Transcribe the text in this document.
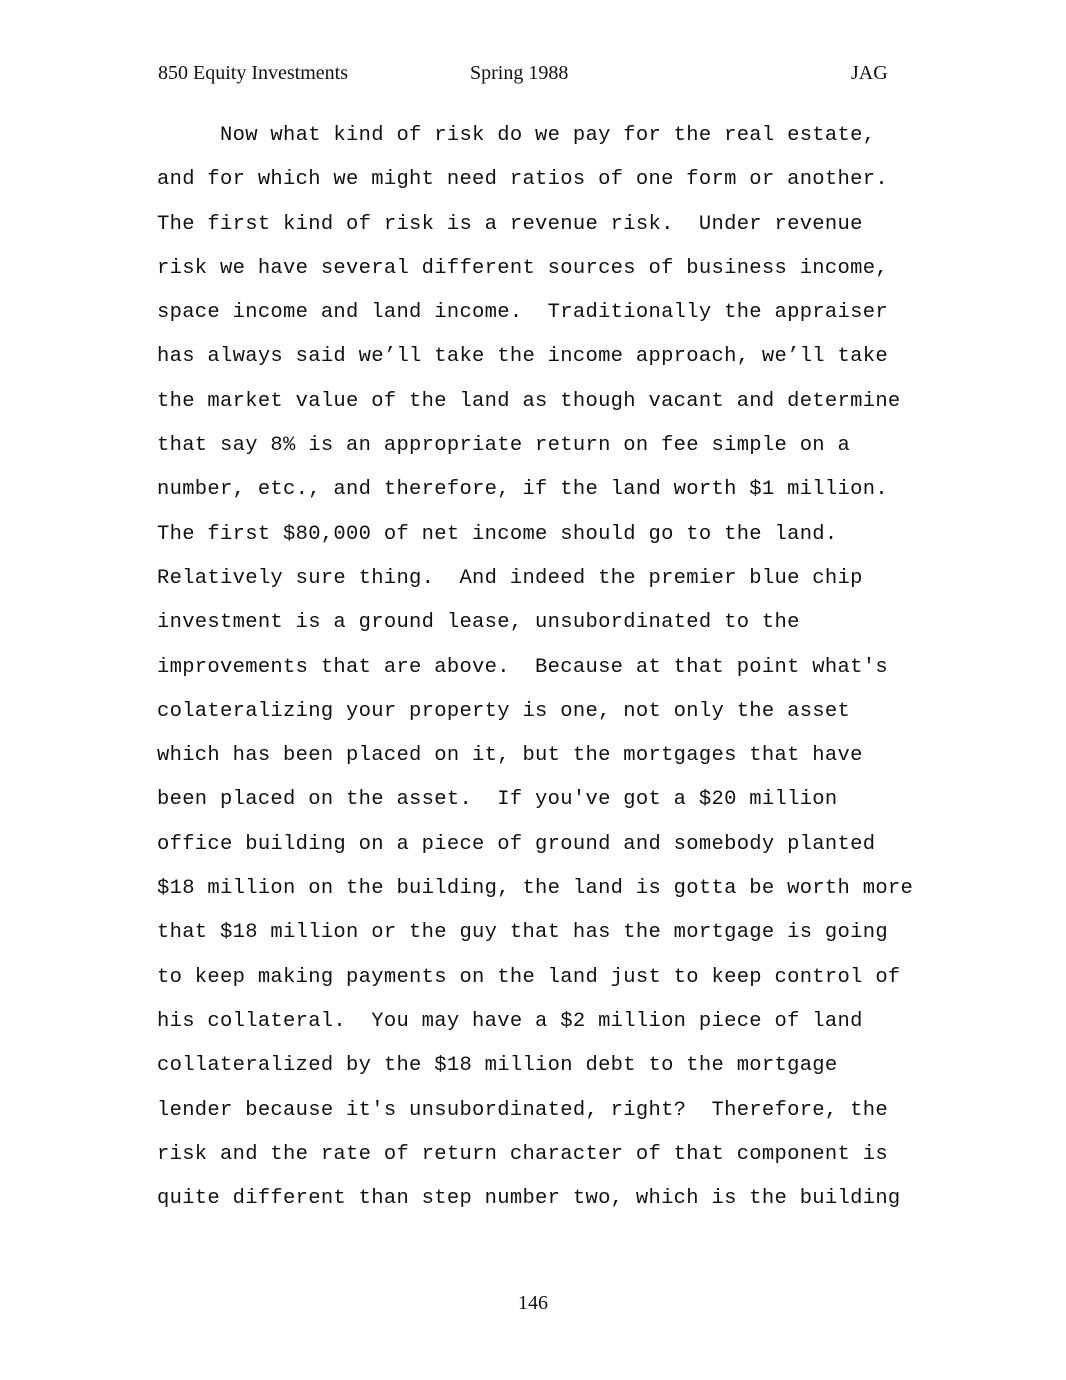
850 Equity Investments	Spring 1988	JAG
Now what kind of risk do we pay for the real estate,
and for which we might need ratios of one form or another.
The first kind of risk is a revenue risk.  Under revenue
risk we have several different sources of business income,
space income and land income.  Traditionally the appraiser
has always said we’ll take the income approach, we’ll take
the market value of the land as though vacant and determine
that say 8% is an appropriate return on fee simple on a
number, etc., and therefore, if the land worth $1 million.
The first $80,000 of net income should go to the land.
Relatively sure thing.  And indeed the premier blue chip
investment is a ground lease, unsubordinated to the
improvements that are above.  Because at that point what's
colateralizing your property is one, not only the asset
which has been placed on it, but the mortgages that have
been placed on the asset.  If you've got a $20 million
office building on a piece of ground and somebody planted
$18 million on the building, the land is gotta be worth more
that $18 million or the guy that has the mortgage is going
to keep making payments on the land just to keep control of
his collateral.  You may have a $2 million piece of land
collateralized by the $18 million debt to the mortgage
lender because it's unsubordinated, right?  Therefore, the
risk and the rate of return character of that component is
quite different than step number two, which is the building
146
